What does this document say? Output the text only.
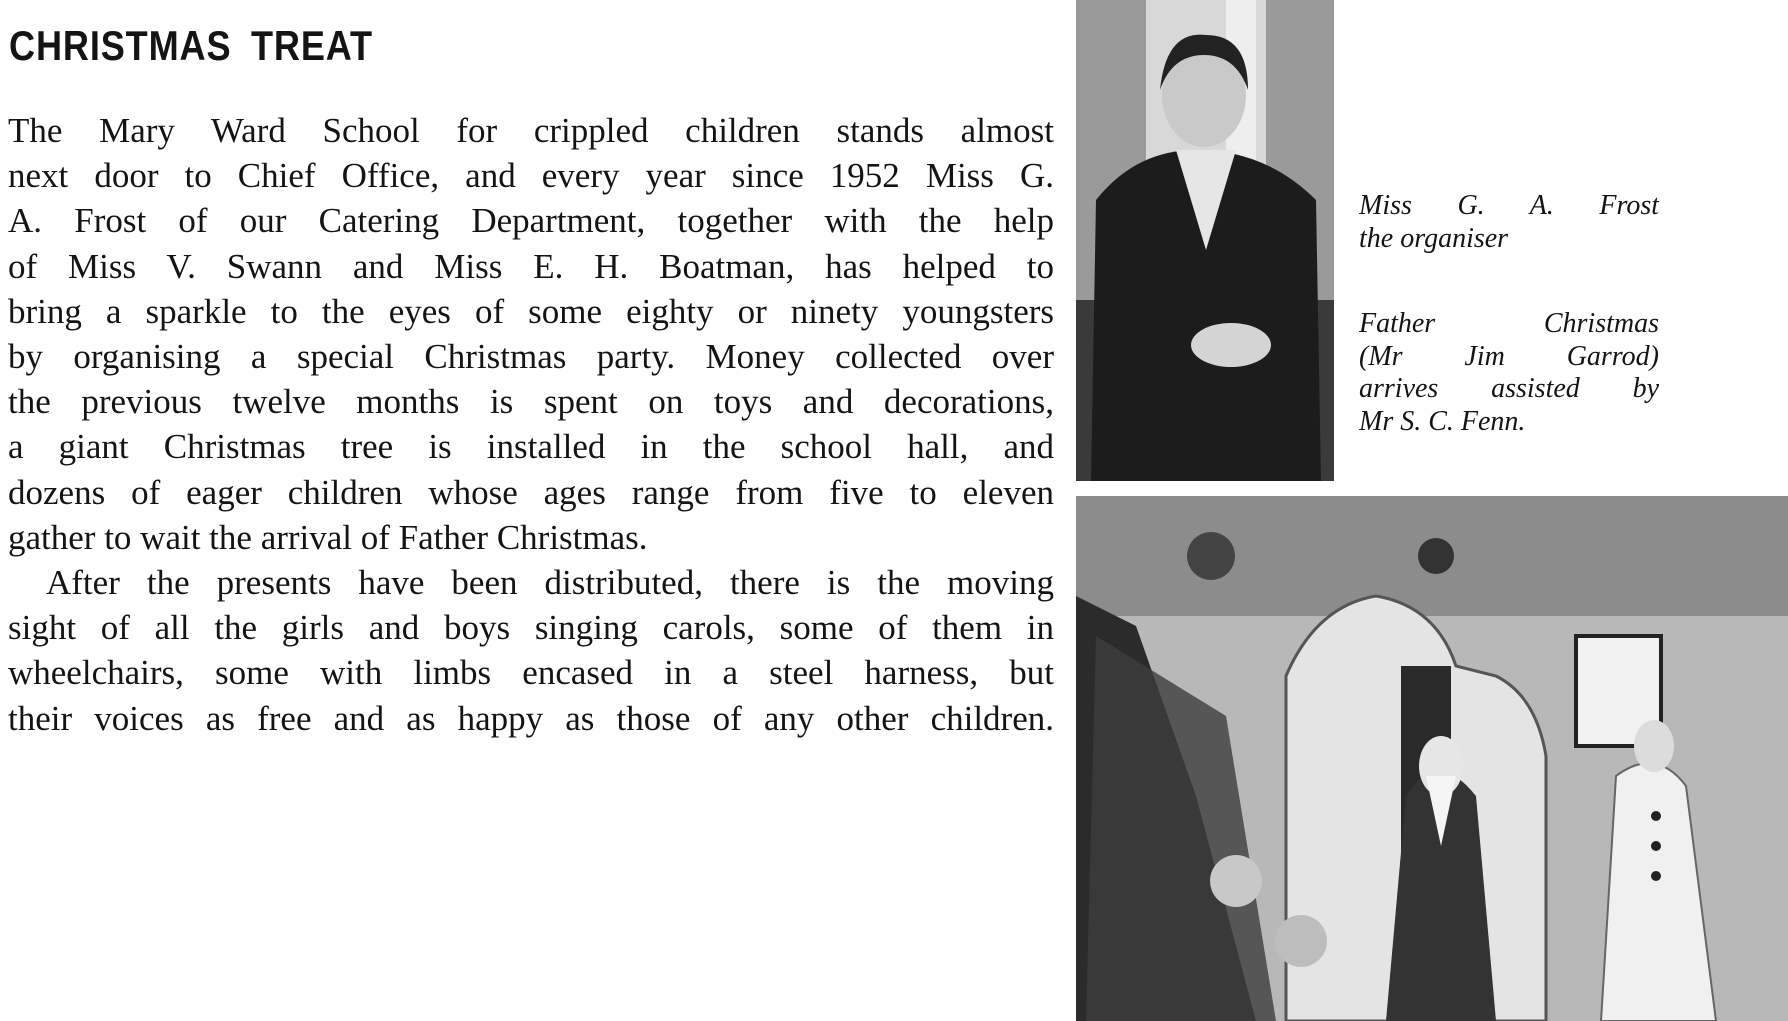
CHRISTMAS TREAT

The Mary Ward School for crippled children stands almost
next door to Chief Office, and every year since 1952 Miss G.
A. Frost of our Catering Department, together with the help
of Miss V. Swann and Miss E. H. Boatman, has helped to
bring a sparkle to the eyes of some eighty or ninety youngsters
by organising a special Christmas party. Money collected over
the previous twelve months is spent on toys and decorations,
a giant Christmas tree is installed in the school hall, and
dozens of eager children whose ages range from five to eleven
gather to wait the arrival of Father Christmas.

After the presents have been distributed, there is the moving
sight of all the girls and boys singing carols, some of them in
wheelchairs, some with limbs encased in a steel harness, but
their voices as free and as happy as those of any other children.

Miss G. A. Frost
the organiser
Father Christmas
(Mr Jim Garrod)
arrives assisted by
Mr S. C. Fenn.
